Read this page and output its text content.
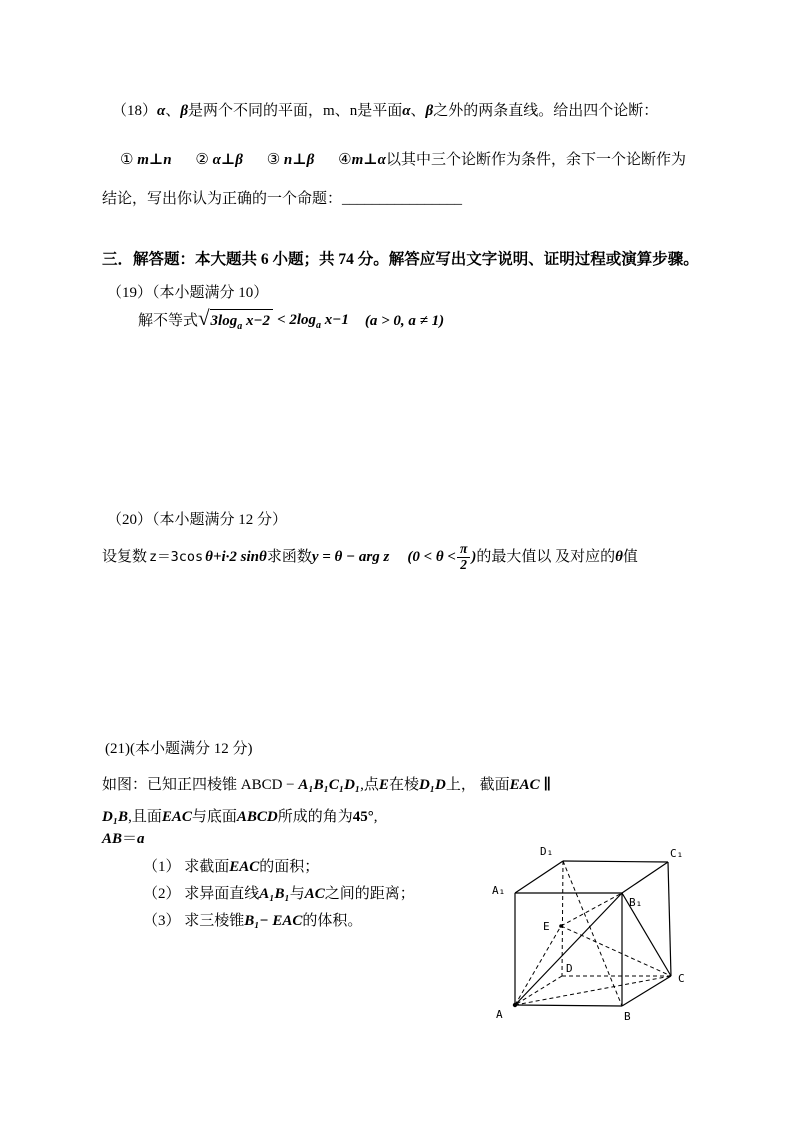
（18）α、β是两个不同的平面，m、n是平面α、β之外的两条直线。给出四个论断：
① m⊥n ② α⊥β ③ n⊥β ④m⊥α以其中三个论断作为条件，余下一个论断作为
结论，写出你认为正确的一个命题：________________
三．解答题：本大题共 6 小题；共 74 分。解答应写出文字说明、证明过程或演算步骤。
（19）（本小题满分 10）
解不等式 √ $3\log_a$ $x-2 < 2\log_a$ x−1 (a > 0, a ≠ 1)
（20）（本小题满分 12 分）
设复数 z＝3cos θ +i·2 sin θ 求函数 y = θ − arg z ($0 < \theta < \frac{\pi}{2}$ ) 的最大值以 及对应的 θ 值
(21)(本小题满分 12 分)
如图：已知正四棱锥 ABCD − A₁B₁C₁D₁,点E在棱D₁D上， 截面EAC ∥
D₁B,且面EAC与底面ABCD所成的角为45°,
AB＝a
（1） 求截面EAC的面积；
（2） 求异面直线A₁B₁与AC之间的距离；
（3） 求三棱锥B₁− EAC的体积。
A	B
C
D
E
A₁
B₁
C₁
D₁
